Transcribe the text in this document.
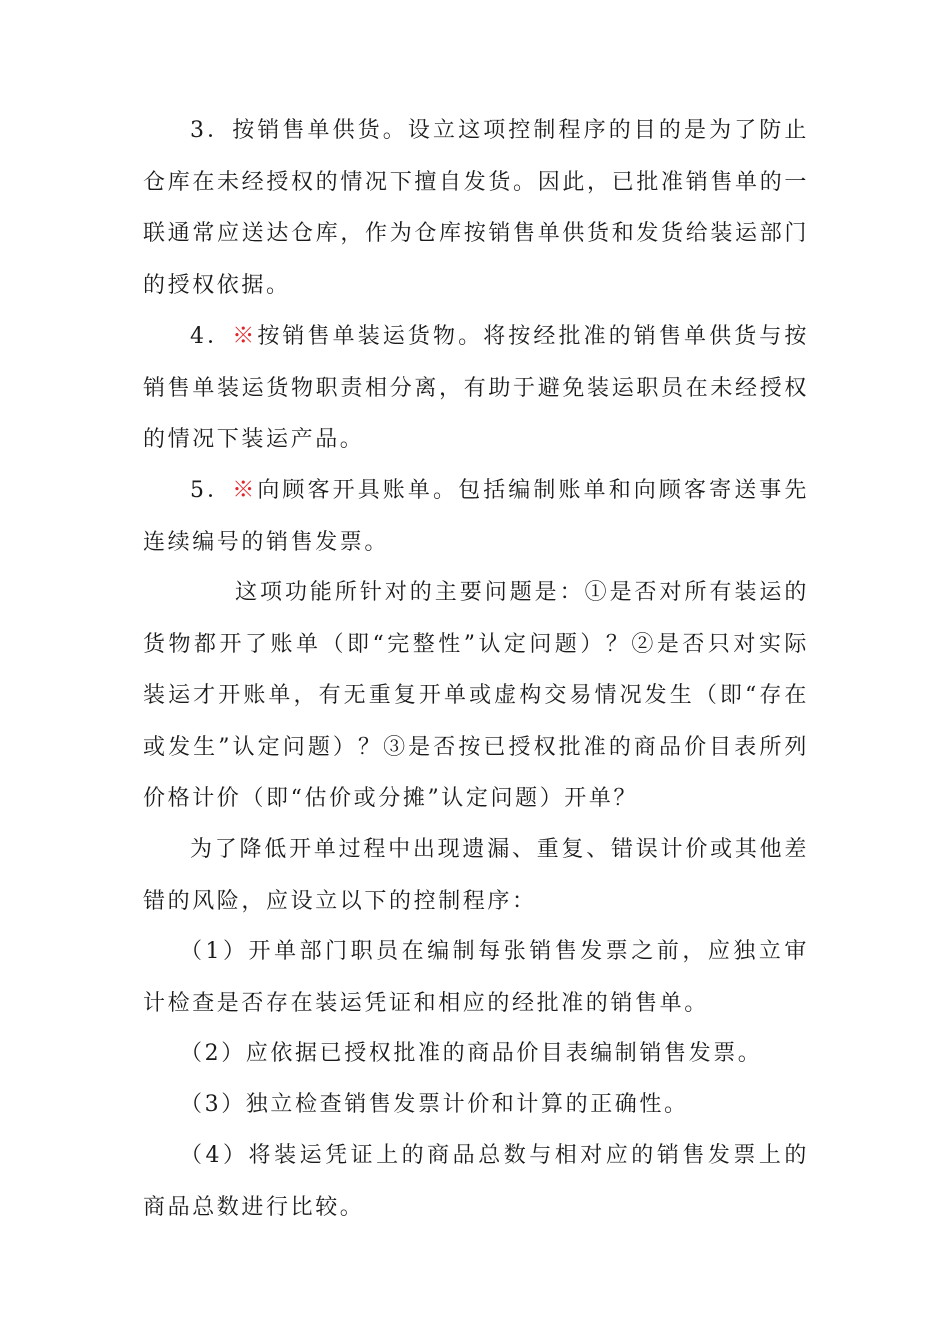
3．按销售单供货。设立这项控制程序的目的是为了防止仓库在未经授权的情况下擅自发货。因此，已批准销售单的一联通常应送达仓库，作为仓库按销售单供货和发货给装运部门的授权依据。

4．※按销售单装运货物。将按经批准的销售单供货与按销售单装运货物职责相分离，有助于避免装运职员在未经授权的情况下装运产品。

5．※向顾客开具账单。包括编制账单和向顾客寄送事先连续编号的销售发票。

这项功能所针对的主要问题是：①是否对所有装运的货物都开了账单（即“完整性”认定问题）？②是否只对实际装运才开账单，有无重复开单或虚构交易情况发生（即“存在或发生”认定问题）？③是否按已授权批准的商品价目表所列价格计价（即“估价或分摊”认定问题）开单？

为了降低开单过程中出现遗漏、重复、错误计价或其他差错的风险，应设立以下的控制程序：

（1）开单部门职员在编制每张销售发票之前，应独立审计检查是否存在装运凭证和相应的经批准的销售单。

（2）应依据已授权批准的商品价目表编制销售发票。

（3）独立检查销售发票计价和计算的正确性。

（4）将装运凭证上的商品总数与相对应的销售发票上的商品总数进行比较。
